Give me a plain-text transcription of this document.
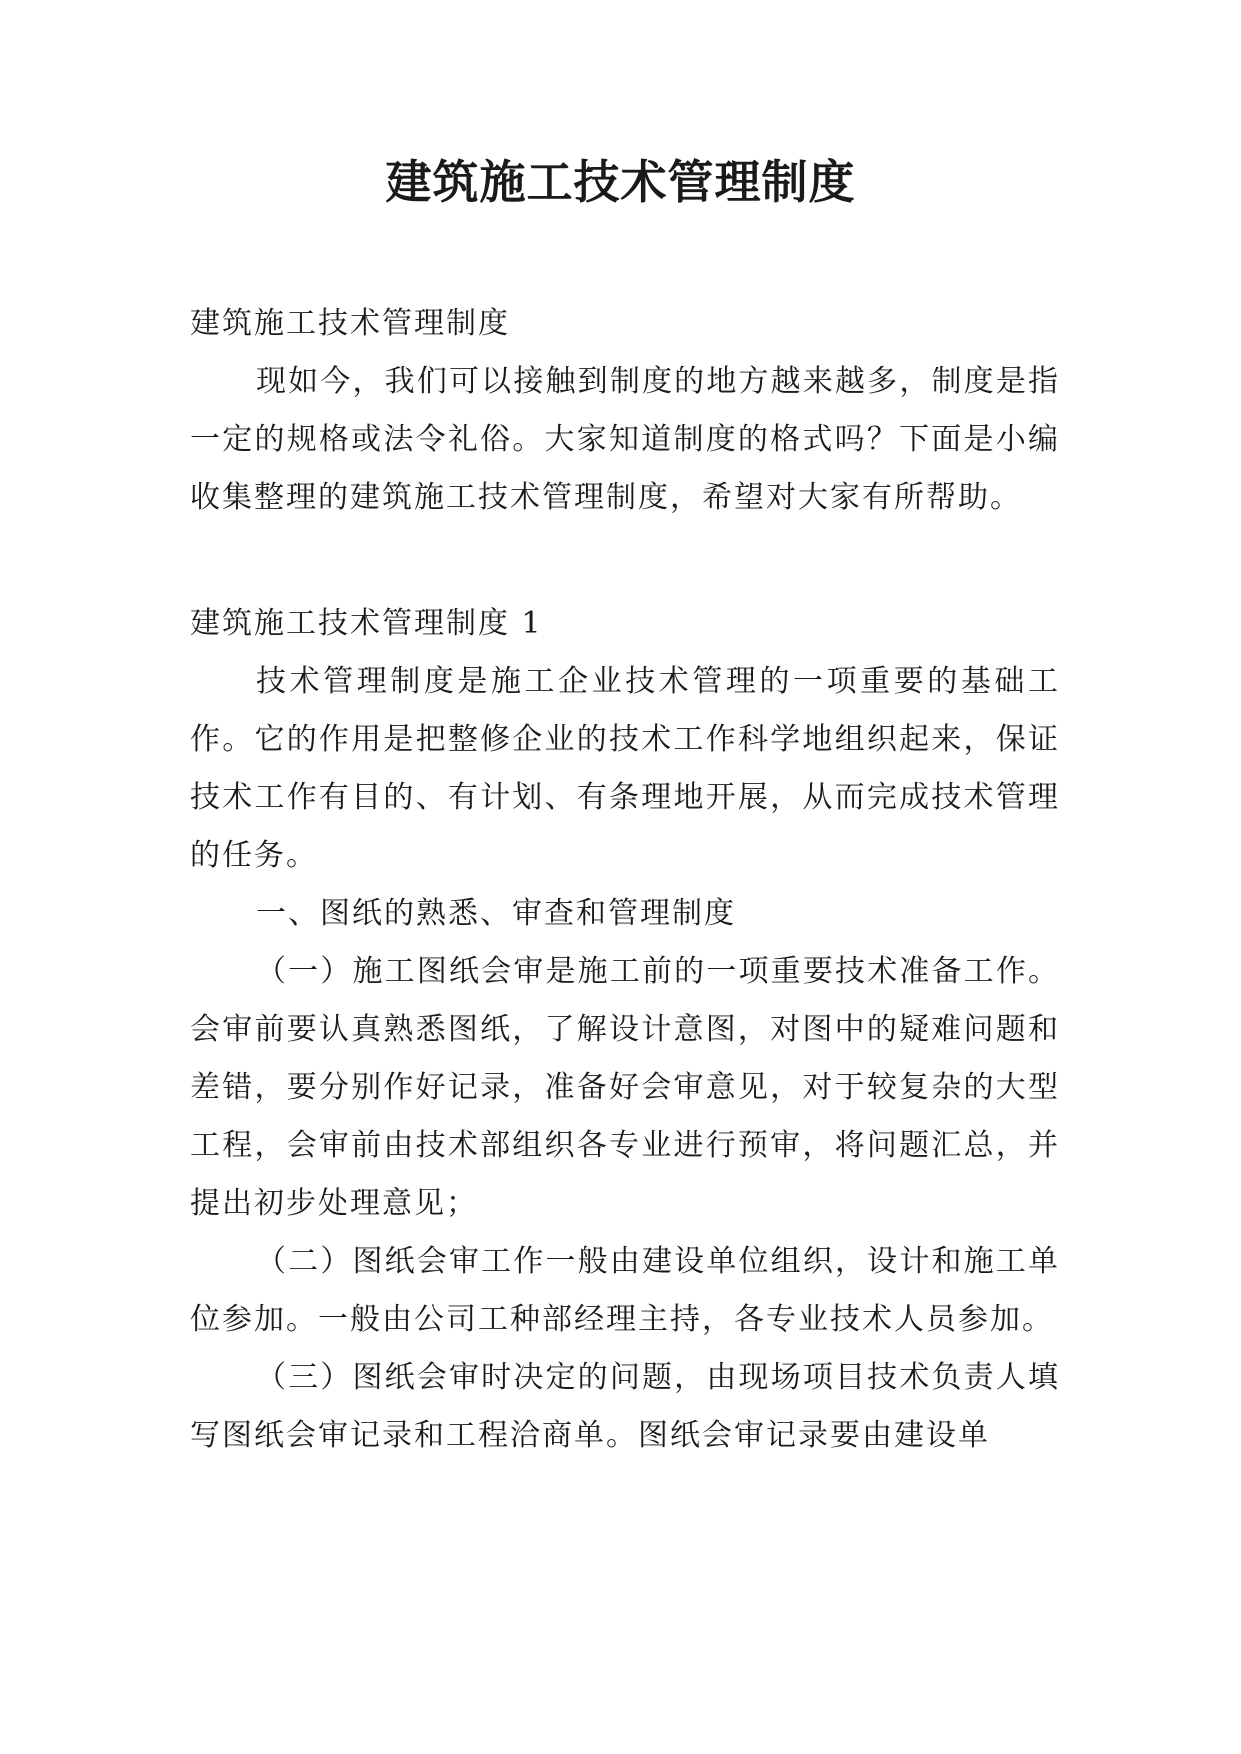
建筑施工技术管理制度

建筑施工技术管理制度

现如今，我们可以接触到制度的地方越来越多，制度是指一定的规格或法令礼俗。大家知道制度的格式吗？下面是小编收集整理的建筑施工技术管理制度，希望对大家有所帮助。

建筑施工技术管理制度 1

技术管理制度是施工企业技术管理的一项重要的基础工作。它的作用是把整修企业的技术工作科学地组织起来，保证技术工作有目的、有计划、有条理地开展，从而完成技术管理的任务。

一、图纸的熟悉、审查和管理制度

（一）施工图纸会审是施工前的一项重要技术准备工作。会审前要认真熟悉图纸，了解设计意图，对图中的疑难问题和差错，要分别作好记录，准备好会审意见，对于较复杂的大型工程，会审前由技术部组织各专业进行预审，将问题汇总，并提出初步处理意见；

（二）图纸会审工作一般由建设单位组织，设计和施工单位参加。一般由公司工种部经理主持，各专业技术人员参加。

（三）图纸会审时决定的问题，由现场项目技术负责人填写图纸会审记录和工程洽商单。图纸会审记录要由建设单
